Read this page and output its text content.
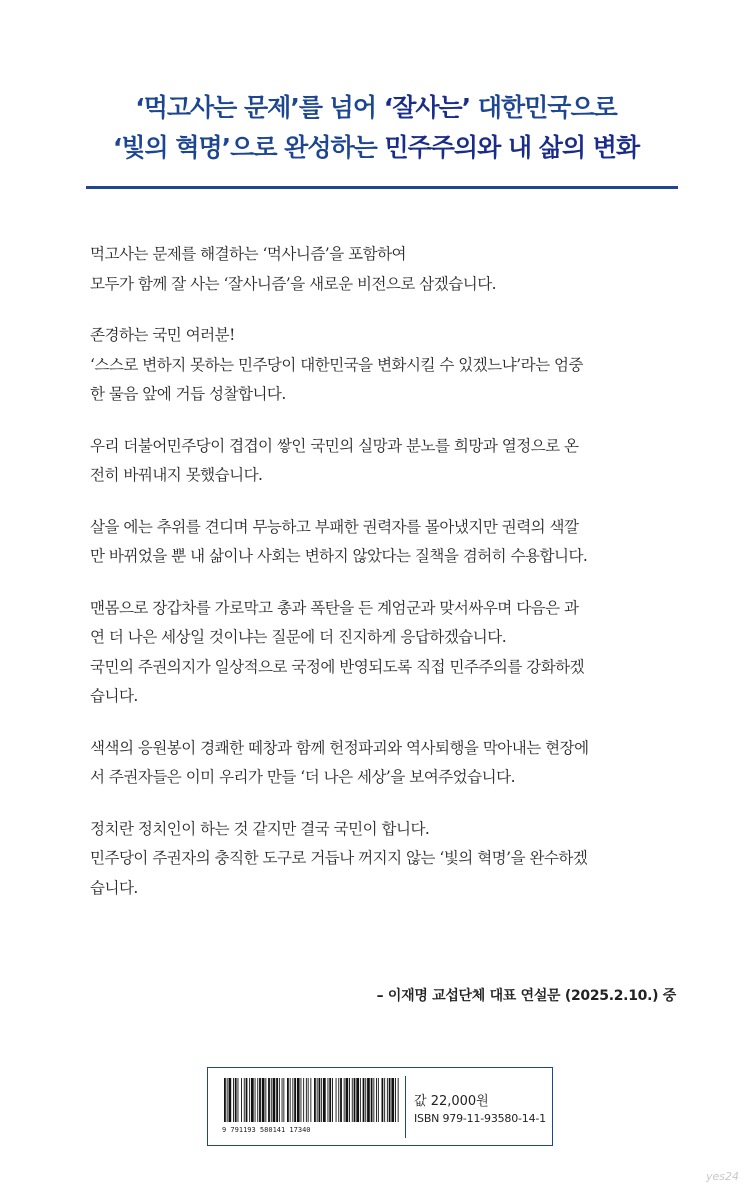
‘먹고사는 문제’를 넘어 ‘잘사는’ 대한민국으로
‘빛의 혁명’으로 완성하는 민주주의와 내 삶의 변화
먹고사는 문제를 해결하는 ‘먹사니즘’을 포함하여
모두가 함께 잘 사는 ‘잘사니즘’을 새로운 비전으로 삼겠습니다.
존경하는 국민 여러분!
‘스스로 변하지 못하는 민주당이 대한민국을 변화시킬 수 있겠느냐’라는 엄중
한 물음 앞에 거듭 성찰합니다.
우리 더불어민주당이 겹겹이 쌓인 국민의 실망과 분노를 희망과 열정으로 온
전히 바꿔내지 못했습니다.
살을 에는 추위를 견디며 무능하고 부패한 권력자를 몰아냈지만 권력의 색깔
만 바뀌었을 뿐 내 삶이나 사회는 변하지 않았다는 질책을 겸허히 수용합니다.
맨몸으로 장갑차를 가로막고 총과 폭탄을 든 계엄군과 맞서싸우며 다음은 과
연 더 나은 세상일 것이냐는 질문에 더 진지하게 응답하겠습니다.
국민의 주권의지가 일상적으로 국정에 반영되도록 직접 민주주의를 강화하겠
습니다.
색색의 응원봉이 경쾌한 떼창과 함께 헌정파괴와 역사퇴행을 막아내는 현장에
서 주권자들은 이미 우리가 만들 ‘더 나은 세상’을 보여주었습니다.
정치란 정치인이 하는 것 같지만 결국 국민이 합니다.
민주당이 주권자의 충직한 도구로 거듭나 꺼지지 않는 ‘빛의 혁명’을 완수하겠
습니다.
– 이재명 교섭단체 대표 연설문 (2025.2.10.) 중
9 791193 580141 17340
값 22,000원
ISBN 979-11-93580-14-1
yes24
